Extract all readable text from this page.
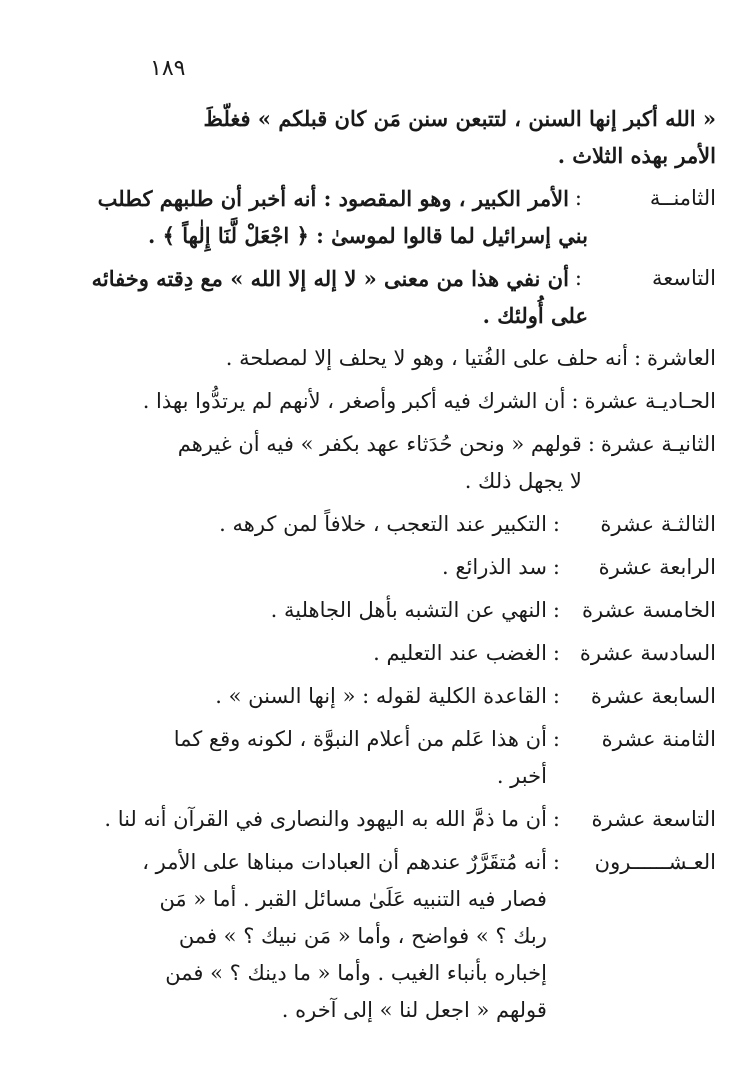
١٨٩
« الله أكبر إنها السنن ، لتتبعن سنن مَن كان قبلكم » فغلّظَ
الأمر بهذه الثلاث .
الثامنــة
:
الأمر الكبير ، وهو المقصود : أنه أخبر أن طلبهم كطلب
بني إسرائيل لما قالوا لموسىٰ : ﴿ اجْعَلْ لَّنَا إِلٰهاً ﴾ .
التاسعة
:
أن نفي هذا من معنى « لا إله إلا الله » مع دِقته وخفائه
على أُولئك .
العاشرة
:
أنه حلف على الفُتيا ، وهو لا يحلف إلا لمصلحة .
الحـاديـة عشرة
:
أن الشرك فيه أكبر وأصغر ، لأنهم لم يرتدُّوا بهذا .
الثانيـة عشرة
:
قولهم « ونحن حُدَثاء عهد بكفر » فيه أن غيرهم
لا يجهل ذلك .
الثالثـة عشرة
:
التكبير عند التعجب ، خلافاً لمن كرهه .
الرابعة عشرة
:
سد الذرائع .
الخامسة عشرة
:
النهي عن التشبه بأهل الجاهلية .
السادسة عشرة
:
الغضب عند التعليم .
السابعة عشرة
:
القاعدة الكلية لقوله : « إنها السنن » .
الثامنة عشرة
:
أن هذا عَلم من أعلام النبوَّة ، لكونه وقع كما
أخبر .
التاسعة عشرة
:
أن ما ذمَّ الله به اليهود والنصارى في القرآن أنه لنا .
العـشــــــرون
:
أنه مُتقَرَّرٌ عندهم أن العبادات مبناها على الأمر ،
فصار فيه التنبيه عَلَىٰ مسائل القبر . أما « مَن
ربك ؟ » فواضح ، وأما « مَن نبيك ؟ » فمن
إخباره بأنباء الغيب . وأما « ما دينك ؟ » فمن
قولهم « اجعل لنا » إلى آخره .
